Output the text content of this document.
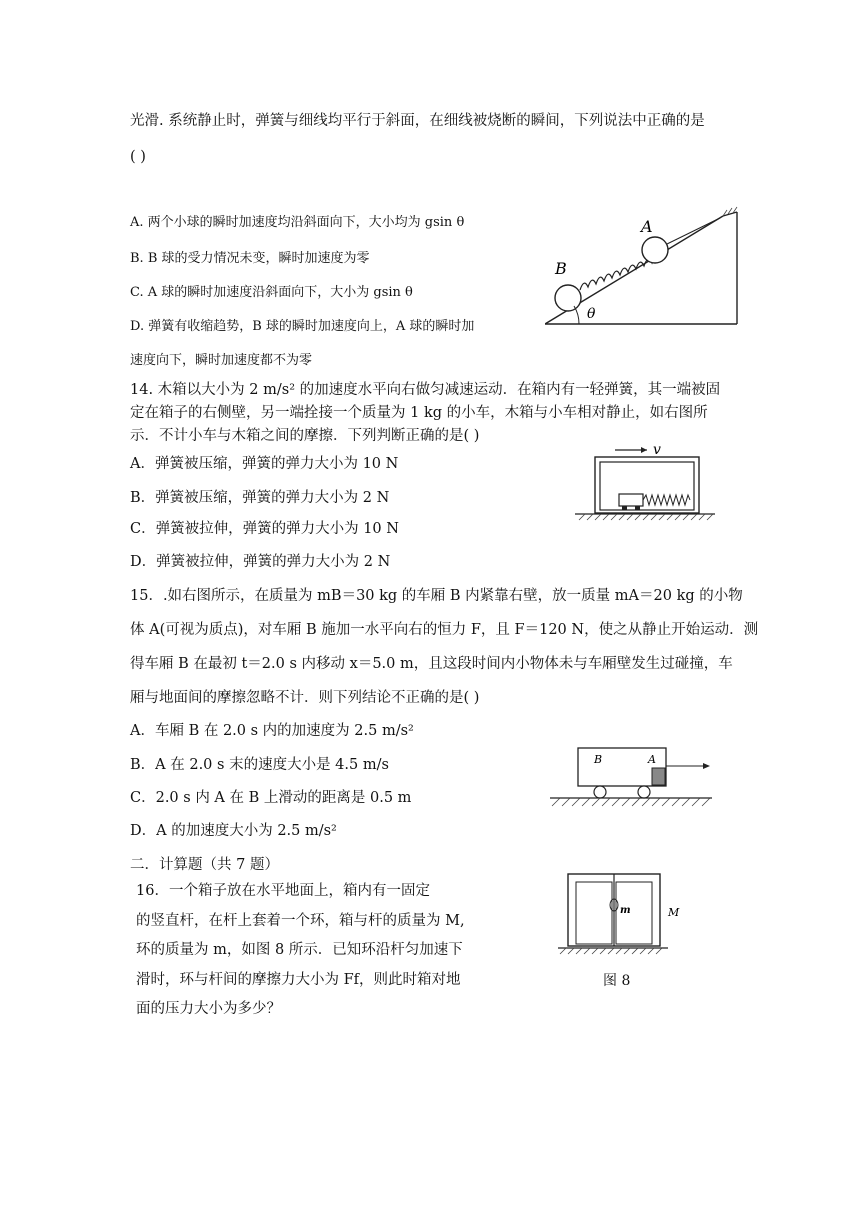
光滑. 系统静止时，弹簧与细线均平行于斜面，在细线被烧断的瞬间，下列说法中正确的是
( )
A. 两个小球的瞬时加速度均沿斜面向下，大小均为 gsin θ
B. B 球的受力情况未变，瞬时加速度为零
C. A 球的瞬时加速度沿斜面向下，大小为 gsin θ
D. 弹簧有收缩趋势，B 球的瞬时加速度向上，A 球的瞬时加
速度向下，瞬时加速度都不为零
A
B
θ
14. 木箱以大小为 2 m/s² 的加速度水平向右做匀减速运动．在箱内有一轻弹簧，其一端被固
定在箱子的右侧壁，另一端拴接一个质量为 1 kg 的小车，木箱与小车相对静止，如右图所
示．不计小车与木箱之间的摩擦．下列判断正确的是( )
A．弹簧被压缩，弹簧的弹力大小为 10 N
B．弹簧被压缩，弹簧的弹力大小为 2 N
C．弹簧被拉伸，弹簧的弹力大小为 10 N
D．弹簧被拉伸，弹簧的弹力大小为 2 N
v
15．.如右图所示，在质量为 mB＝30 kg 的车厢 B 内紧靠右壁，放一质量 mA＝20 kg 的小物
体 A(可视为质点)，对车厢 B 施加一水平向右的恒力 F，且 F＝120 N，使之从静止开始运动．测
得车厢 B 在最初 t＝2.0 s 内移动 x＝5.0 m，且这段时间内小物体未与车厢壁发生过碰撞，车
厢与地面间的摩擦忽略不计．则下列结论不正确的是( )
A．车厢 B 在 2.0 s 内的加速度为 2.5 m/s²
B．A 在 2.0 s 末的速度大小是 4.5 m/s
C．2.0 s 内 A 在 B 上滑动的距离是 0.5 m
D．A 的加速度大小为 2.5 m/s²
B	A
二．计算题（共 7 题）
16．一个箱子放在水平地面上，箱内有一固定
的竖直杆，在杆上套着一个环，箱与杆的质量为 M,
环的质量为 m，如图 8 所示．已知环沿杆匀加速下
滑时，环与杆间的摩擦力大小为 Ff，则此时箱对地
面的压力大小为多少？
m	M
图 8
